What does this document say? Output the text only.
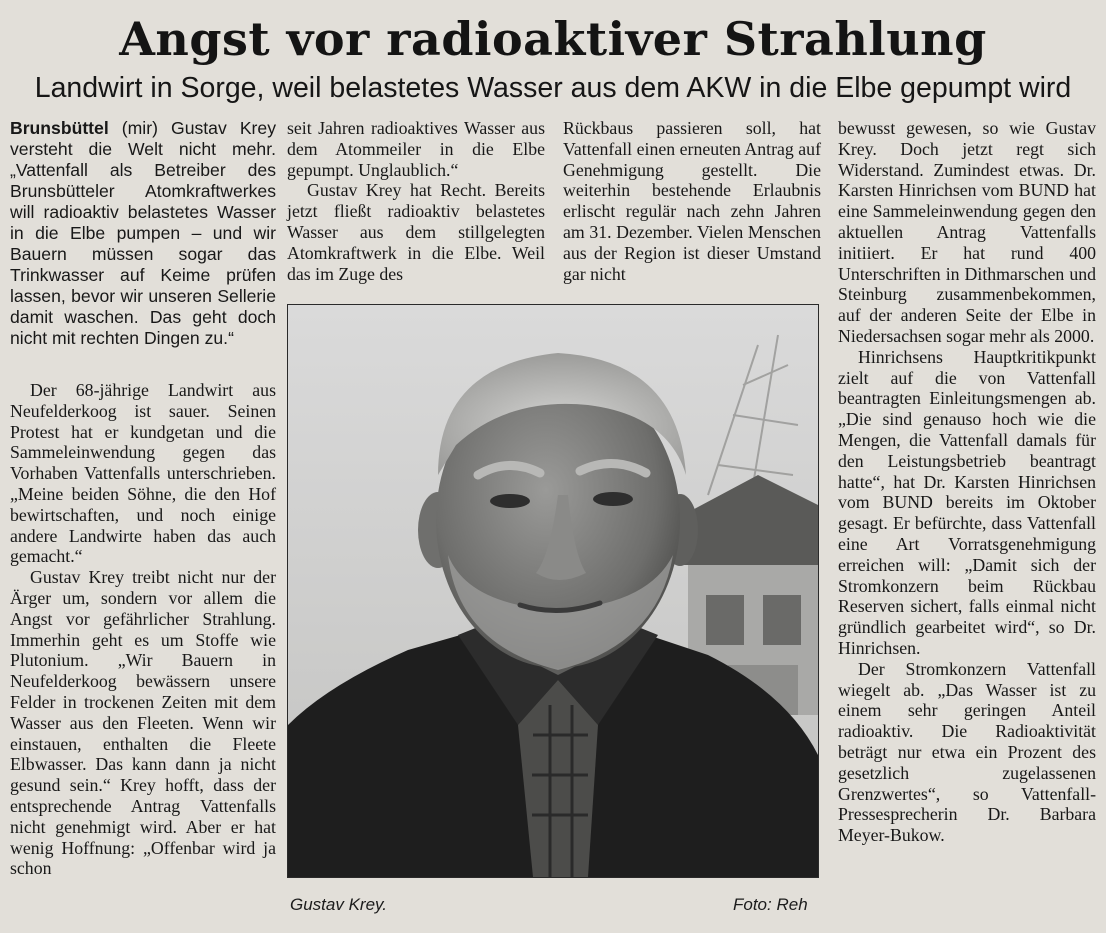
Angst vor radioaktiver Strahlung
Landwirt in Sorge, weil belastetes Wasser aus dem AKW in die Elbe gepumpt wird

Brunsbüttel (mir) Gustav Krey versteht die Welt nicht mehr. „Vattenfall als Betreiber des Brunsbütteler Atomkraftwerkes will radioaktiv belastetes Wasser in die Elbe pumpen – und wir Bauern müssen sogar das Trinkwasser auf Keime prüfen lassen, bevor wir unseren Sellerie damit waschen. Das geht doch nicht mit rechten Dingen zu.“

Der 68-jährige Landwirt aus Neufelderkoog ist sauer. Seinen Protest hat er kundgetan und die Sammeleinwendung gegen das Vorhaben Vattenfalls unterschrieben. „Meine beiden Söhne, die den Hof bewirtschaften, und noch einige andere Landwirte haben das auch gemacht.“

Gustav Krey treibt nicht nur der Ärger um, sondern vor allem die Angst vor gefährlicher Strahlung. Immerhin geht es um Stoffe wie Plutonium. „Wir Bauern in Neufelderkoog bewässern unsere Felder in trockenen Zeiten mit dem Wasser aus den Fleeten. Wenn wir einstauen, enthalten die Fleete Elbwasser. Das kann dann ja nicht gesund sein.“ Krey hofft, dass der entsprechende Antrag Vattenfalls nicht genehmigt wird. Aber er hat wenig Hoffnung: „Offenbar wird ja schon

seit Jahren radioaktives Wasser aus dem Atommeiler in die Elbe gepumpt. Unglaublich.“

Gustav Krey hat Recht. Bereits jetzt fließt radioaktiv belastetes Wasser aus dem stillgelegten Atomkraftwerk in die Elbe. Weil das im Zuge des

Rückbaus passieren soll, hat Vattenfall einen erneuten Antrag auf Genehmigung gestellt. Die weiterhin bestehende Erlaubnis erlischt regulär nach zehn Jahren am 31. Dezember. Vielen Menschen aus der Region ist dieser Umstand gar nicht

bewusst gewesen, so wie Gustav Krey. Doch jetzt regt sich Widerstand. Zumindest etwas. Dr. Karsten Hinrichsen vom BUND hat eine Sammeleinwendung gegen den aktuellen Antrag Vattenfalls initiiert. Er hat rund 400 Unterschriften in Dithmarschen und Steinburg zusammenbekommen, auf der anderen Seite der Elbe in Niedersachsen sogar mehr als 2000.

Hinrichsens Hauptkritikpunkt zielt auf die von Vattenfall beantragten Einleitungsmengen ab. „Die sind genauso hoch wie die Mengen, die Vattenfall damals für den Leistungsbetrieb beantragt hatte“, hat Dr. Karsten Hinrichsen vom BUND bereits im Oktober gesagt. Er befürchte, dass Vattenfall eine Art Vorratsgenehmigung erreichen will: „Damit sich der Stromkonzern beim Rückbau Reserven sichert, falls einmal nicht gründlich gearbeitet wird“, so Dr. Hinrichsen.

Der Stromkonzern Vattenfall wiegelt ab. „Das Wasser ist zu einem sehr geringen Anteil radioaktiv. Die Radioaktivität beträgt nur etwa ein Prozent des gesetzlich zugelassenen Grenzwertes“, so Vattenfall-Pressesprecherin Dr. Barbara Meyer-Bukow.

Gustav Krey.	Foto: Reh
